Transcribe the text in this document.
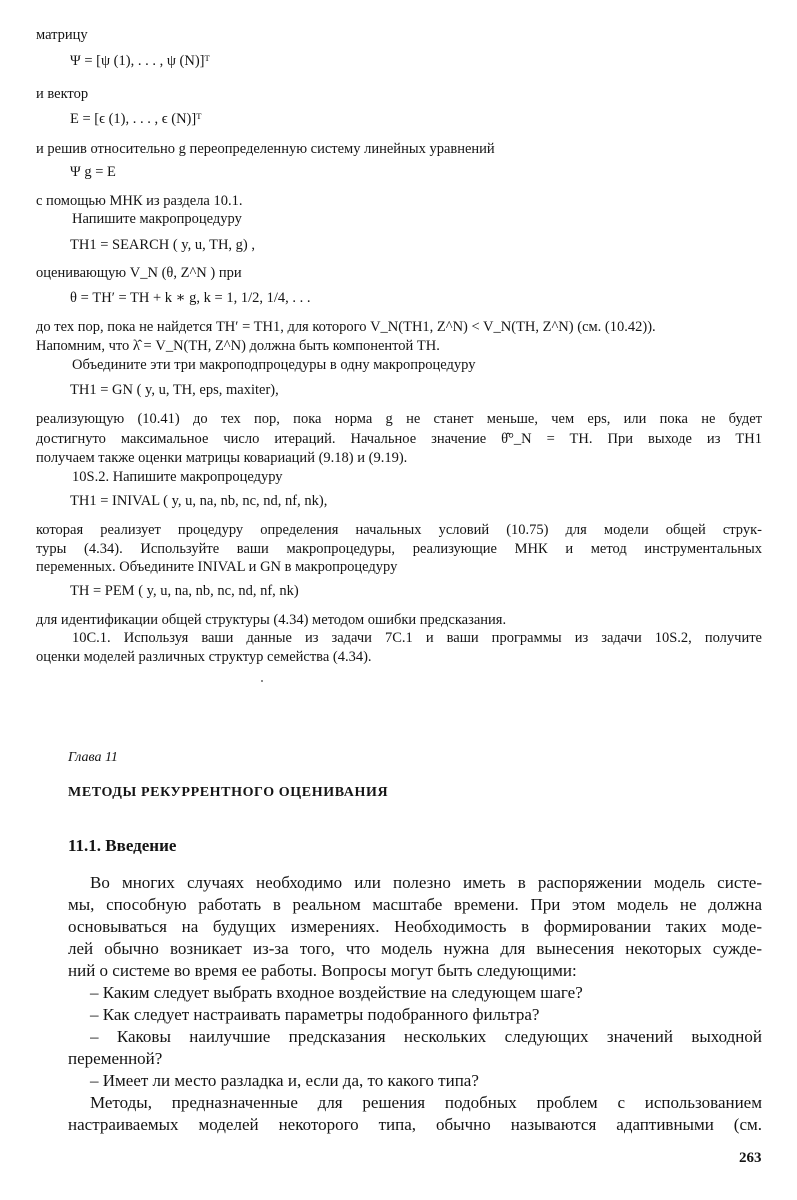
матрицу
Ψ = [ψ (1), . . . , ψ (N)]ᵀ
и вектор
E = [ϵ (1), . . . , ϵ (N)]ᵀ
и решив относительно g переопределенную систему линейных уравнений
Ψ g = E
с помощью МНК из раздела 10.1.
Напишите макропроцедуру
TH1 = SEARCH ( y, u, TH, g) ,
оценивающую V_N (θ, Z^N ) при
θ = TH′ = TH + k ∗ g, k = 1, 1/2, 1/4, . . .
до тех пор, пока не найдется TH′ = TH1, для которого V_N(TH1, Z^N) < V_N(TH, Z^N) (см. (10.42)).
Напомним, что λ̂ = V_N(TH, Z^N) должна быть компонентой TH.
Объедините эти три макроподпроцедуры в одну макропроцедуру
TH1 = GN ( y, u, TH, eps, maxiter),
реализующую (10.41) до тех пор, пока норма g не станет меньше, чем eps, или пока не будет
достигнуто максимальное число итераций. Начальное значение θ̂°_N = TH. При выходе из TH1
получаем также оценки матрицы ковариаций (9.18) и (9.19).
10S.2. Напишите макропроцедуру
TH1 = INIVAL ( y, u, na, nb, nc, nd, nf, nk),
которая реализует процедуру определения начальных условий (10.75) для модели общей струк-
туры (4.34). Используйте ваши макропроцедуры, реализующие МНК и метод инструментальных
переменных. Объедините INIVAL и GN в макропроцедуру
TH = PEM ( y, u, na, nb, nc, nd, nf, nk)
для идентификации общей структуры (4.34) методом ошибки предсказания.
10C.1. Используя ваши данные из задачи 7C.1 и ваши программы из задачи 10S.2, получите
оценки моделей различных структур семейства (4.34).
Глава 11
МЕТОДЫ РЕКУРРЕНТНОГО ОЦЕНИВАНИЯ
11.1. Введение
Во многих случаях необходимо или полезно иметь в распоряжении модель систе-
мы, способную работать в реальном масштабе времени. При этом модель не должна
основываться на будущих измерениях. Необходимость в формировании таких моде-
лей обычно возникает из-за того, что модель нужна для вынесения некоторых сужде-
ний о системе во время ее работы. Вопросы могут быть следующими:
– Каким следует выбрать входное воздействие на следующем шаге?
– Как следует настраивать параметры подобранного фильтра?
– Каковы наилучшие предсказания нескольких следующих значений выходной
переменной?
– Имеет ли место разладка и, если да, то какого типа?
Методы, предназначенные для решения подобных проблем с использованием
настраиваемых моделей некоторого типа, обычно называются адаптивными (см.
263
